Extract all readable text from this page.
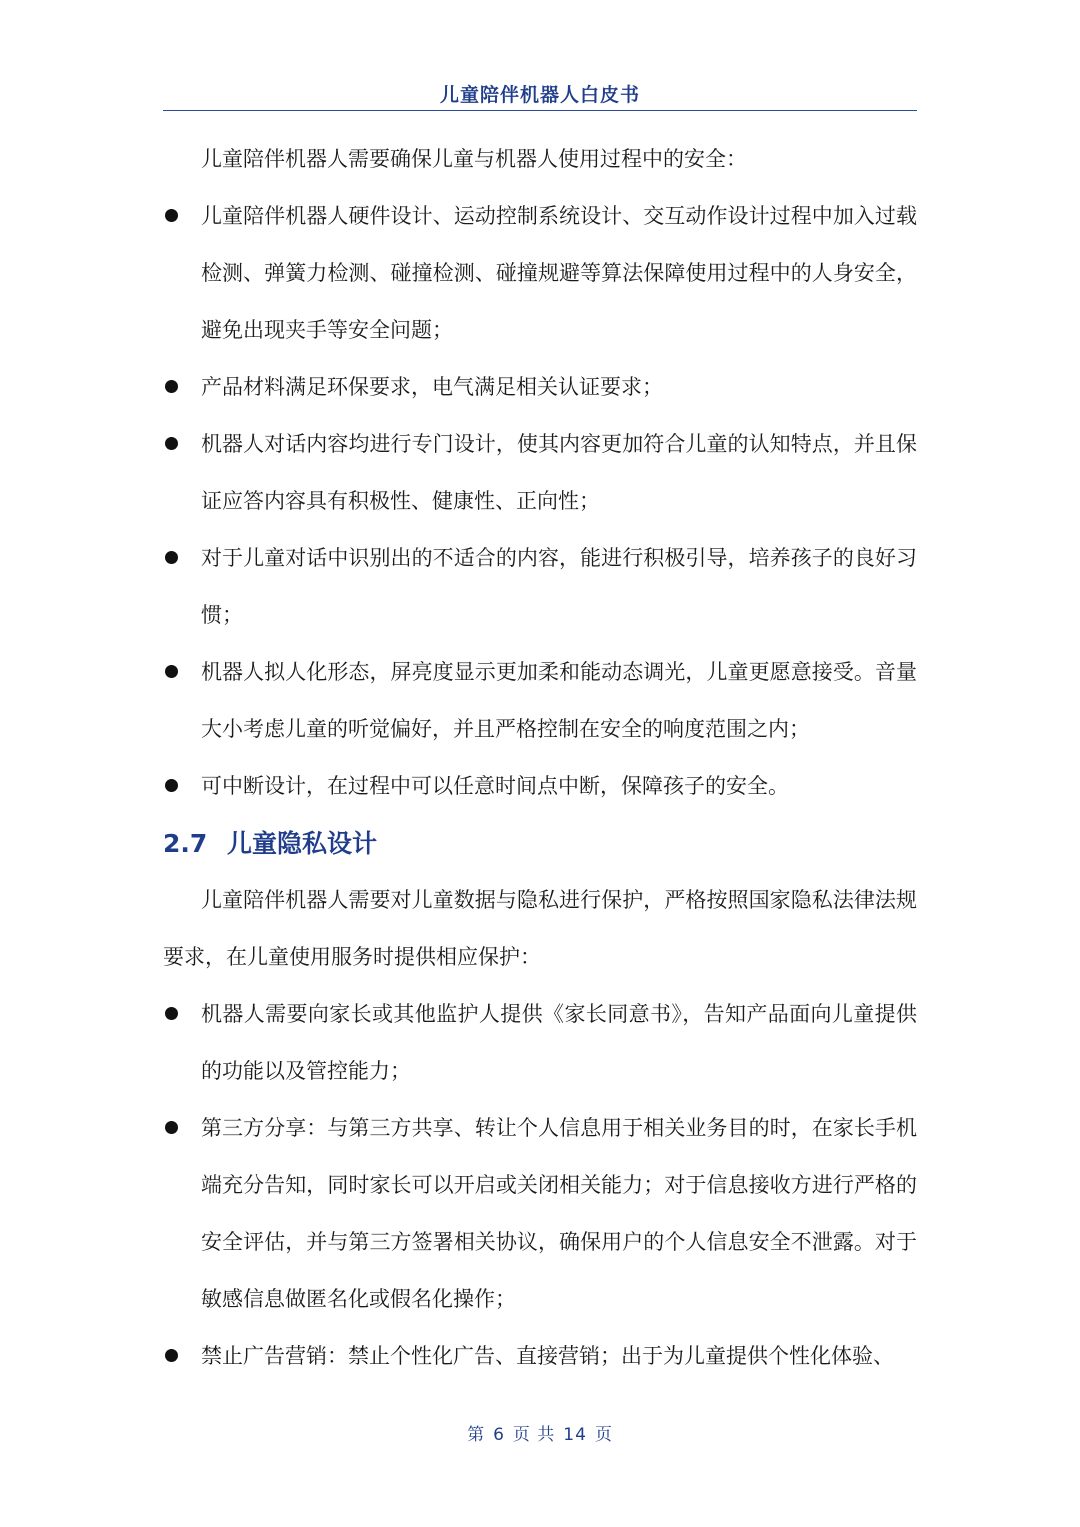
儿童陪伴机器人白皮书

儿童陪伴机器人需要确保儿童与机器人使用过程中的安全：

儿童陪伴机器人硬件设计、运动控制系统设计、交互动作设计过程中加入过载检测、弹簧力检测、碰撞检测、碰撞规避等算法保障使用过程中的人身安全，避免出现夹手等安全问题；
产品材料满足环保要求，电气满足相关认证要求；
机器人对话内容均进行专门设计，使其内容更加符合儿童的认知特点，并且保证应答内容具有积极性、健康性、正向性；
对于儿童对话中识别出的不适合的内容，能进行积极引导，培养孩子的良好习惯；
机器人拟人化形态，屏亮度显示更加柔和能动态调光，儿童更愿意接受。音量大小考虑儿童的听觉偏好，并且严格控制在安全的响度范围之内；
可中断设计，在过程中可以任意时间点中断，保障孩子的安全。
2.7 儿童隐私设计

儿童陪伴机器人需要对儿童数据与隐私进行保护，严格按照国家隐私法律法规要求，在儿童使用服务时提供相应保护：

机器人需要向家长或其他监护人提供《家长同意书》，告知产品面向儿童提供的功能以及管控能力；
第三方分享：与第三方共享、转让个人信息用于相关业务目的时，在家长手机端充分告知，同时家长可以开启或关闭相关能力；对于信息接收方进行严格的安全评估，并与第三方签署相关协议，确保用户的个人信息安全不泄露。对于敏感信息做匿名化或假名化操作；
禁止广告营销：禁止个性化广告、直接营销；出于为儿童提供个性化体验、
第 6 页 共 14 页
